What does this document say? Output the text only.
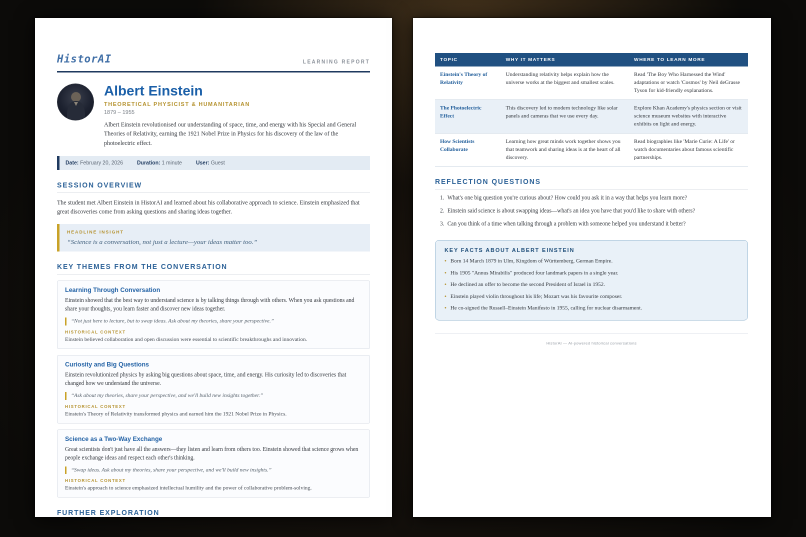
HistorAI	LEARNING REPORT
Albert Einstein
THEORETICAL PHYSICIST & HUMANITARIAN
1879 – 1955
Albert Einstein revolutionised our understanding of space, time, and energy with his Special and General Theories of Relativity, earning the 1921 Nobel Prize in Physics for his discovery of the law of the photoelectric effect.
Date: February 20, 2026 Duration: 1 minute User: Guest
SESSION OVERVIEW
The student met Albert Einstein in HistorAI and learned about his collaborative approach to science. Einstein emphasized that great discoveries come from asking questions and sharing ideas together.
HEADLINE INSIGHT
“Science is a conversation, not just a lecture—your ideas matter too.”
KEY THEMES FROM THE CONVERSATION
Learning Through Conversation
Einstein showed that the best way to understand science is by talking things through with others. When you ask questions and share your thoughts, you learn faster and discover new ideas together.
“Not just here to lecture, but to swap ideas. Ask about my theories, share your perspective.”
HISTORICAL CONTEXT
Einstein believed collaboration and open discussion were essential to scientific breakthroughs and innovation.
Curiosity and Big Questions
Einstein revolutionized physics by asking big questions about space, time, and energy. His curiosity led to discoveries that changed how we understand the universe.
“Ask about my theories, share your perspective, and we'll build new insights together.”
HISTORICAL CONTEXT
Einstein's Theory of Relativity transformed physics and earned him the 1921 Nobel Prize in Physics.
Science as a Two-Way Exchange
Great scientists don't just have all the answers—they listen and learn from others too. Einstein showed that science grows when people exchange ideas and respect each other's thinking.
“Swap ideas. Ask about my theories, share your perspective, and we'll build new insights.”
HISTORICAL CONTEXT
Einstein's approach to science emphasized intellectual humility and the power of collaborative problem-solving.
FURTHER EXPLORATION
TOPIC	WHY IT MATTERS	WHERE TO LEARN MORE
Einstein's Theory of Relativity	Understanding relativity helps explain how the universe works at the biggest and smallest scales.	Read 'The Boy Who Harnessed the Wind' adaptations or watch 'Cosmos' by Neil deGrasse Tyson for kid-friendly explanations.
The Photoelectric Effect	This discovery led to modern technology like solar panels and cameras that we use every day.	Explore Khan Academy's physics section or visit science museum websites with interactive exhibits on light and energy.
How Scientists Collaborate	Learning how great minds work together shows you that teamwork and sharing ideas is at the heart of all discovery.	Read biographies like 'Marie Curie: A Life' or watch documentaries about famous scientific partnerships.
REFLECTION QUESTIONS
1. What's one big question you're curious about? How could you ask it in a way that helps you learn more?
2. Einstein said science is about swapping ideas—what's an idea you have that you'd like to share with others?
3. Can you think of a time when talking through a problem with someone helped you understand it better?
KEY FACTS ABOUT ALBERT EINSTEIN
• Born 14 March 1879 in Ulm, Kingdom of Württemberg, German Empire.
• His 1905 "Annus Mirabilis" produced four landmark papers in a single year.
• He declined an offer to become the second President of Israel in 1952.
• Einstein played violin throughout his life; Mozart was his favourite composer.
• He co-signed the Russell–Einstein Manifesto in 1955, calling for nuclear disarmament.
HistorAI — AI-powered historical conversations
